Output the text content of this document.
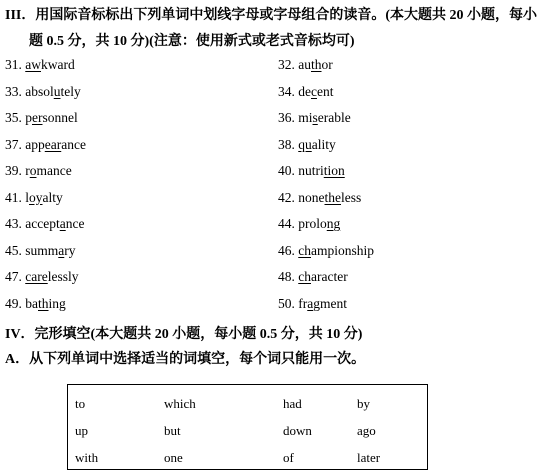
III．用国际音标标出下列单词中划线字母或字母组合的读音。(本大题共 20 小题，每小
题 0.5 分，共 10 分)(注意：使用新式或老式音标均可)
31. awkward	32. author
33. absolutely	34. decent
35. personnel	36. miserable
37. appearance	38. quality
39. romance	40. nutrition
41. loyalty	42. nonetheless
43. acceptance	44. prolong
45. summary	46. championship
47. carelessly	48. character
49. bathing	50. fragment
IV．完形填空(本大题共 20 小题，每小题 0.5 分，共 10 分)
A．从下列单词中选择适当的词填空，每个词只能用一次。
to	which	had	by
up	but	down	ago
with	one	of	later
